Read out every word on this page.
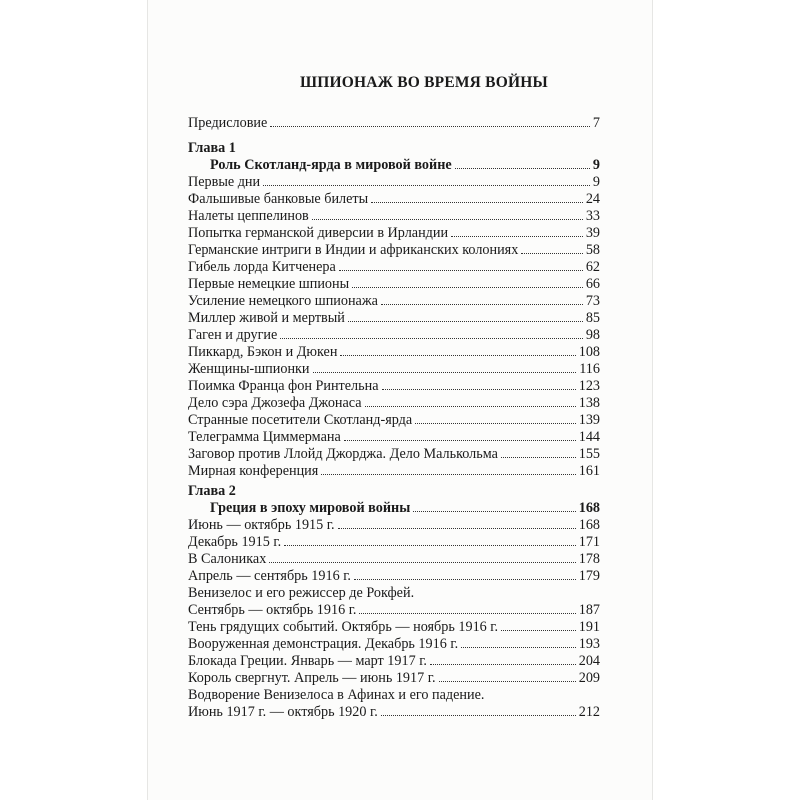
ШПИОНАЖ ВО ВРЕМЯ ВОЙНЫ
Предисловие	7
Глава 1
Роль Скотланд-ярда в мировой войне	9
Первые дни	9
Фальшивые банковые билеты	24
Налеты цеппелинов	33
Попытка германской диверсии в Ирландии	39
Германские интриги в Индии и африканских колониях	58
Гибель лорда Китченера	62
Первые немецкие шпионы	66
Усиление немецкого шпионажа	73
Миллер живой и мертвый	85
Гаген и другие	98
Пиккард, Бэкон и Дюкен	108
Женщины-шпионки	116
Поимка Франца фон Ринтельна	123
Дело сэра Джозефа Джонаса	138
Странные посетители Скотланд-ярда	139
Телеграмма Циммермана	144
Заговор против Ллойд Джорджа. Дело Малькольма	155
Мирная конференция	161
Глава 2
Греция в эпоху мировой войны	168
Июнь — октябрь 1915 г.	168
Декабрь 1915 г.	171
В Салониках	178
Апрель — сентябрь 1916 г.	179
Венизелос и его режиссер де Рокфей.
Сентябрь — октябрь 1916 г.	187
Тень грядущих событий. Октябрь — ноябрь 1916 г.	191
Вооруженная демонстрация. Декабрь 1916 г.	193
Блокада Греции. Январь — март 1917 г.	204
Король свергнут. Апрель — июнь 1917 г.	209
Водворение Венизелоса в Афинах и его падение.
Июнь 1917 г. — октябрь 1920 г.	212
